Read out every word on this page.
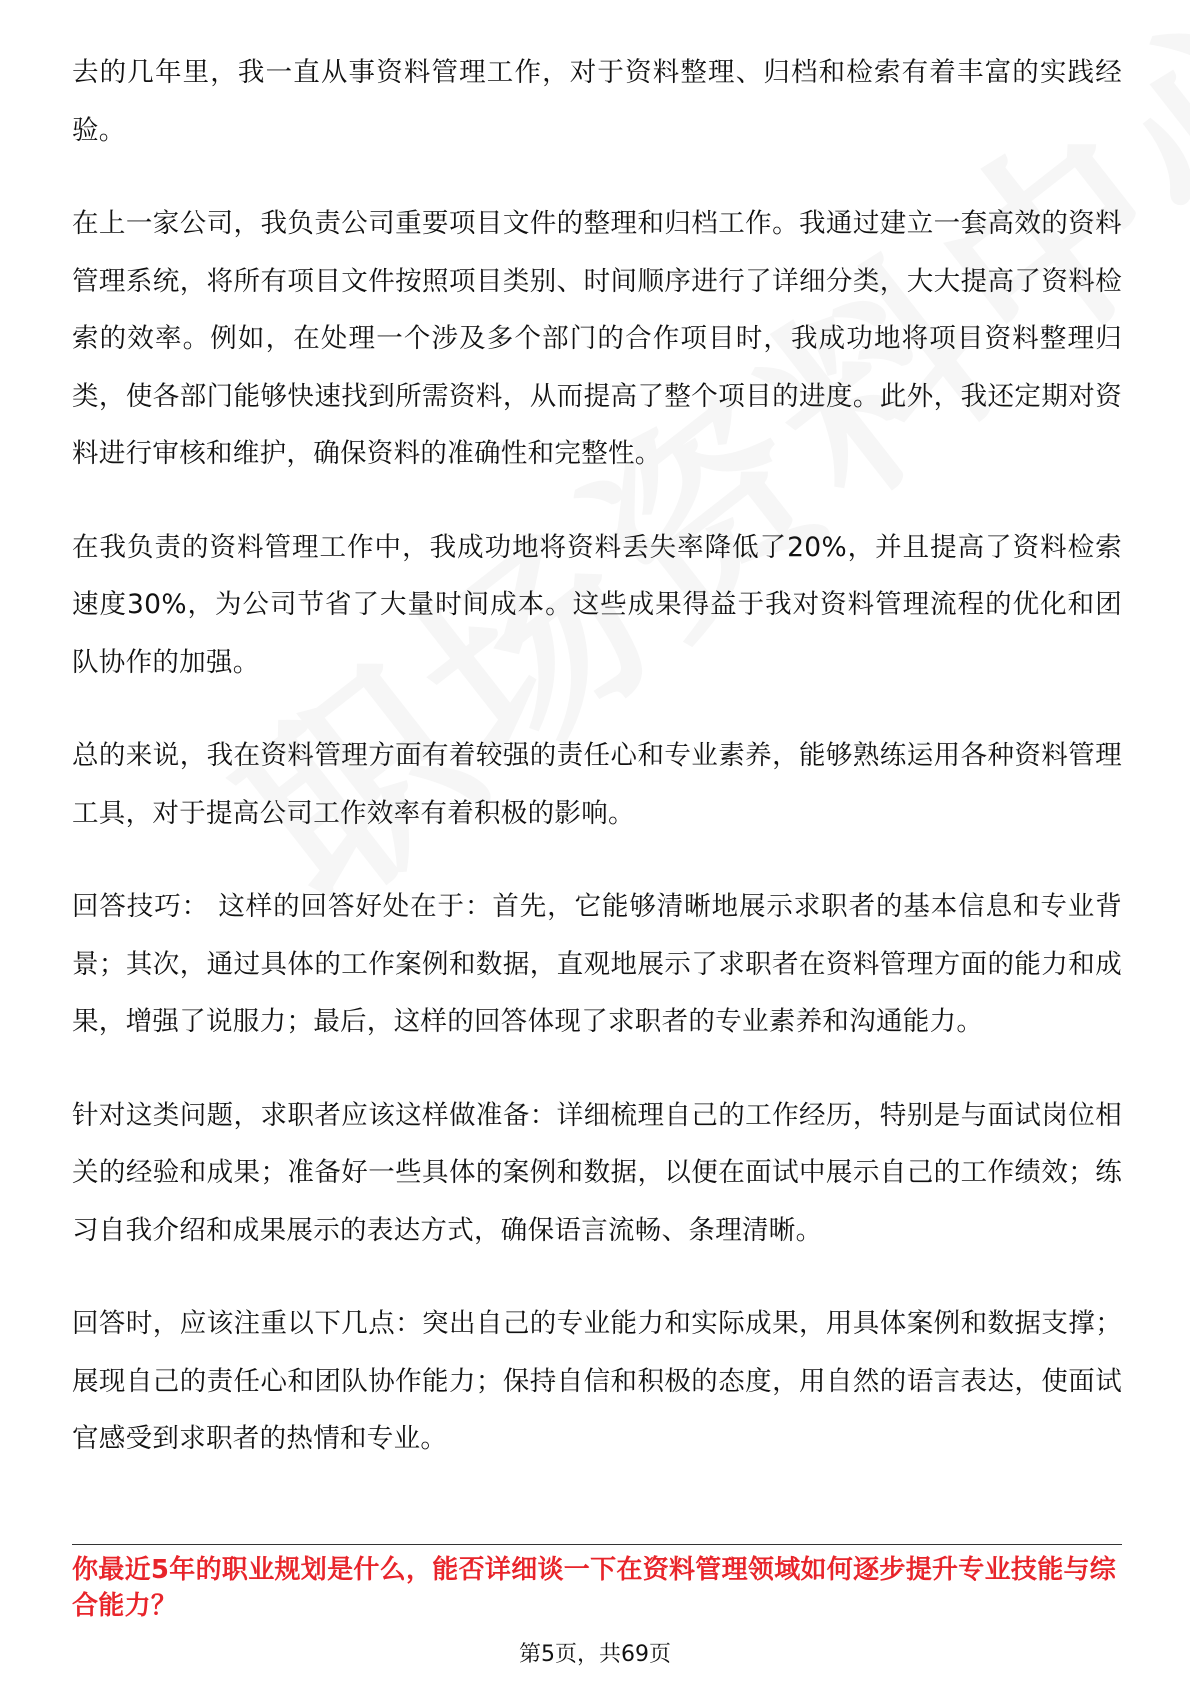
去的几年里，我一直从事资料管理工作，对于资料整理、归档和检索有着丰富的实践经验。

在上一家公司，我负责公司重要项目文件的整理和归档工作。我通过建立一套高效的资料管理系统，将所有项目文件按照项目类别、时间顺序进行了详细分类，大大提高了资料检索的效率。例如，在处理一个涉及多个部门的合作项目时，我成功地将项目资料整理归类，使各部门能够快速找到所需资料，从而提高了整个项目的进度。此外，我还定期对资料进行审核和维护，确保资料的准确性和完整性。

在我负责的资料管理工作中，我成功地将资料丢失率降低了20%，并且提高了资料检索速度30%，为公司节省了大量时间成本。这些成果得益于我对资料管理流程的优化和团队协作的加强。

总的来说，我在资料管理方面有着较强的责任心和专业素养，能够熟练运用各种资料管理工具，对于提高公司工作效率有着积极的影响。

回答技巧： 这样的回答好处在于：首先，它能够清晰地展示求职者的基本信息和专业背景；其次，通过具体的工作案例和数据，直观地展示了求职者在资料管理方面的能力和成果，增强了说服力；最后，这样的回答体现了求职者的专业素养和沟通能力。

针对这类问题，求职者应该这样做准备：详细梳理自己的工作经历，特别是与面试岗位相关的经验和成果；准备好一些具体的案例和数据，以便在面试中展示自己的工作绩效；练习自我介绍和成果展示的表达方式，确保语言流畅、条理清晰。

回答时，应该注重以下几点：突出自己的专业能力和实际成果，用具体案例和数据支撑；展现自己的责任心和团队协作能力；保持自信和积极的态度，用自然的语言表达，使面试官感受到求职者的热情和专业。

你最近5年的职业规划是什么，能否详细谈一下在资料管理领域如何逐步提升专业技能与综合能力？

第5页，共69页
